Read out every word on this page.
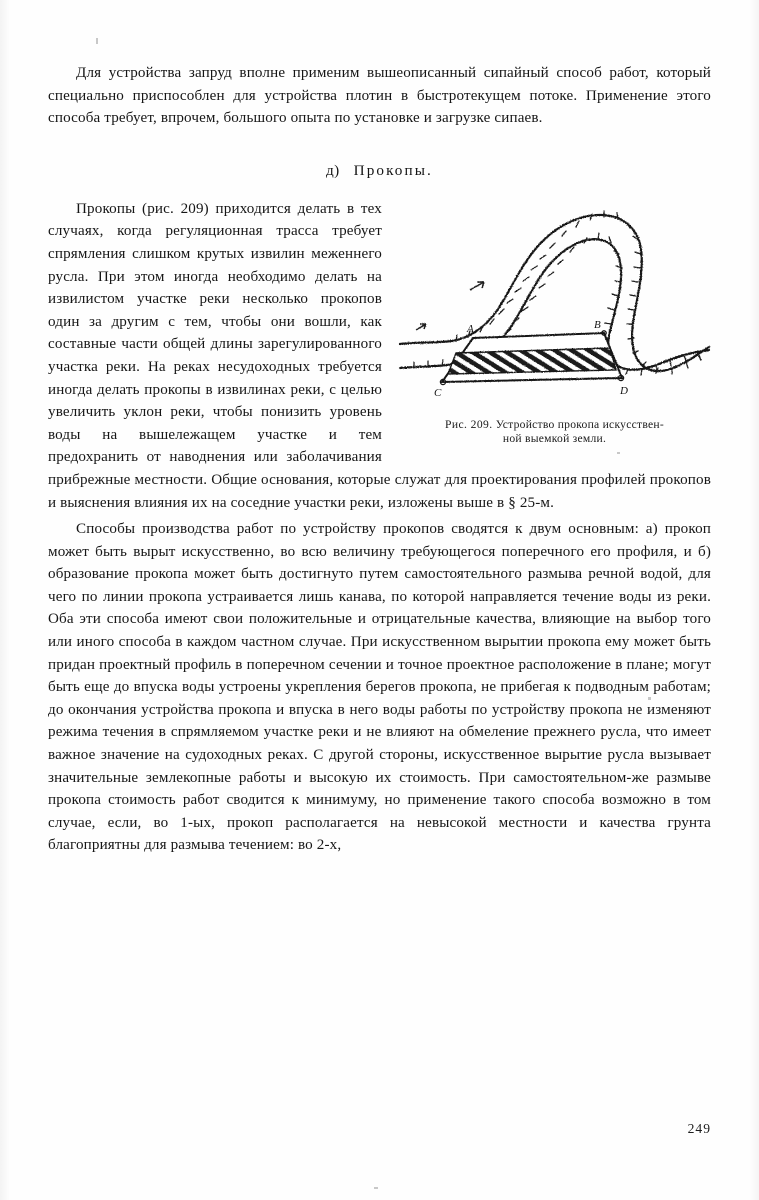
Для устройства запруд вполне применим вышеописанный сипайный способ работ, который специально приспособлен для устройства плотин в быстротекущем потоке. Применение этого способа требует, впрочем, большого опыта по установке и загрузке сипаев.

д) Прокопы.
A	B
C	D
Рис. 209. Устройство прокопа искусствен-
ной выемкой земли.

Прокопы (рис. 209) приходится делать в тех случаях, когда регуляционная трасса требует спрямления слишком крутых извилин меженнего русла. При этом иногда необходимо делать на извилистом участке реки несколько прокопов один за другим с тем, чтобы они вошли, как составные части общей длины зарегулированного участка реки. На реках несудоходных требуется иногда делать прокопы в извилинах реки, с целью увеличить уклон реки, чтобы понизить уровень воды на вышележащем участке и тем предохранить от наводнения или заболачивания прибрежные местности. Общие основания, которые служат для проектирования профилей прокопов и выяснения влияния их на соседние участки реки, изложены выше в § 25-м.

Способы производства работ по устройству прокопов сводятся к двум основным: а) прокоп может быть вырыт искусственно, во всю величину требующегося поперечного его профиля, и б) образование прокопа может быть достигнуто путем самостоятельного размыва речной водой, для чего по линии прокопа устраивается лишь канава, по которой направляется течение воды из реки. Оба эти способа имеют свои положительные и отрицательные качества, влияющие на выбор того или иного способа в каждом частном случае. При искусственном вырытии прокопа ему может быть придан проектный профиль в поперечном сечении и точное проектное расположение в плане; могут быть еще до впуска воды устроены укрепления берегов прокопа, не прибегая к подводным работам; до окончания устройства прокопа и впуска в него воды работы по устройству прокопа не изменяют режима течения в спрямляемом участке реки и не влияют на обмеление прежнего русла, что имеет важное значение на судоходных реках. С другой стороны, искусственное вырытие русла вызывает значительные землекопные работы и высокую их стоимость. При самостоятельном-же размыве прокопа стоимость работ сводится к минимуму, но применение такого способа возможно в том случае, если, во 1-ых, прокоп располагается на невысокой местности и качества грунта благоприятны для размыва течением: во 2-х,

249
